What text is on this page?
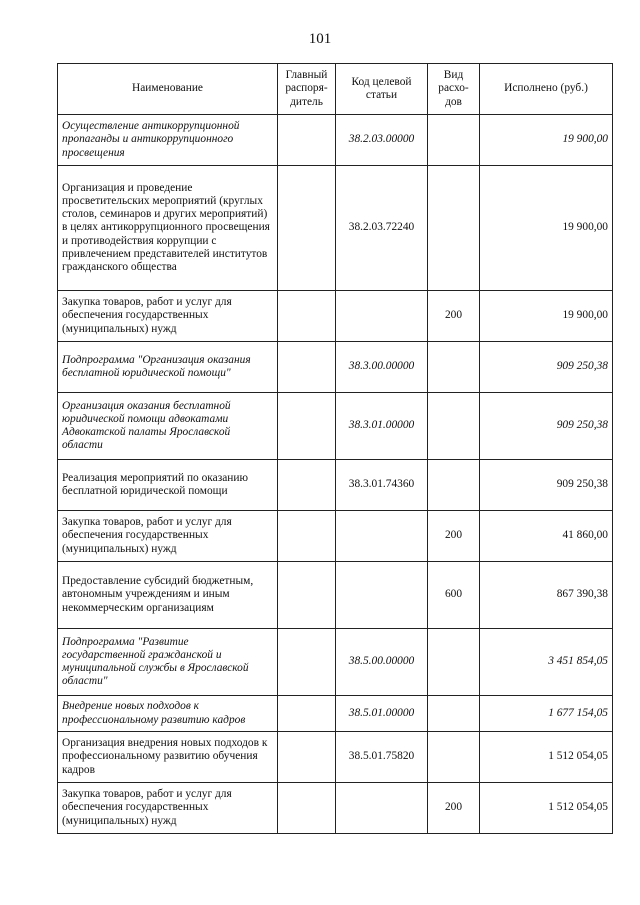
101
Наименование	Главный распоря-дитель	Код целевой статьи	Вид расхо-дов	Исполнено (руб.)
Осуществление антикоррупционной пропаганды и антикоррупционного просвещения		38.2.03.00000		19 900,00
Организация и проведение просветительских мероприятий (круглых столов, семинаров и других мероприятий) в целях антикоррупционного просвещения и противодействия коррупции с привлечением представителей институтов гражданского общества		38.2.03.72240		19 900,00
Закупка товаров, работ и услуг для обеспечения государственных (муниципальных) нужд			200	19 900,00
Подпрограмма "Организация оказания бесплатной юридической помощи"		38.3.00.00000		909 250,38
Организация оказания бесплатной юридической помощи адвокатами Адвокатской палаты Ярославской области		38.3.01.00000		909 250,38
Реализация мероприятий по оказанию бесплатной юридической помощи		38.3.01.74360		909 250,38
Закупка товаров, работ и услуг для обеспечения государственных (муниципальных) нужд			200	41 860,00
Предоставление субсидий бюджетным, автономным учреждениям и иным некоммерческим организациям			600	867 390,38
Подпрограмма "Развитие государственной гражданской и муниципальной службы в Ярославской области"		38.5.00.00000		3 451 854,05
Внедрение новых подходов к профессиональному развитию кадров		38.5.01.00000		1 677 154,05
Организация внедрения новых подходов к профессиональному развитию обучения кадров		38.5.01.75820		1 512 054,05
Закупка товаров, работ и услуг для обеспечения государственных (муниципальных) нужд			200	1 512 054,05
